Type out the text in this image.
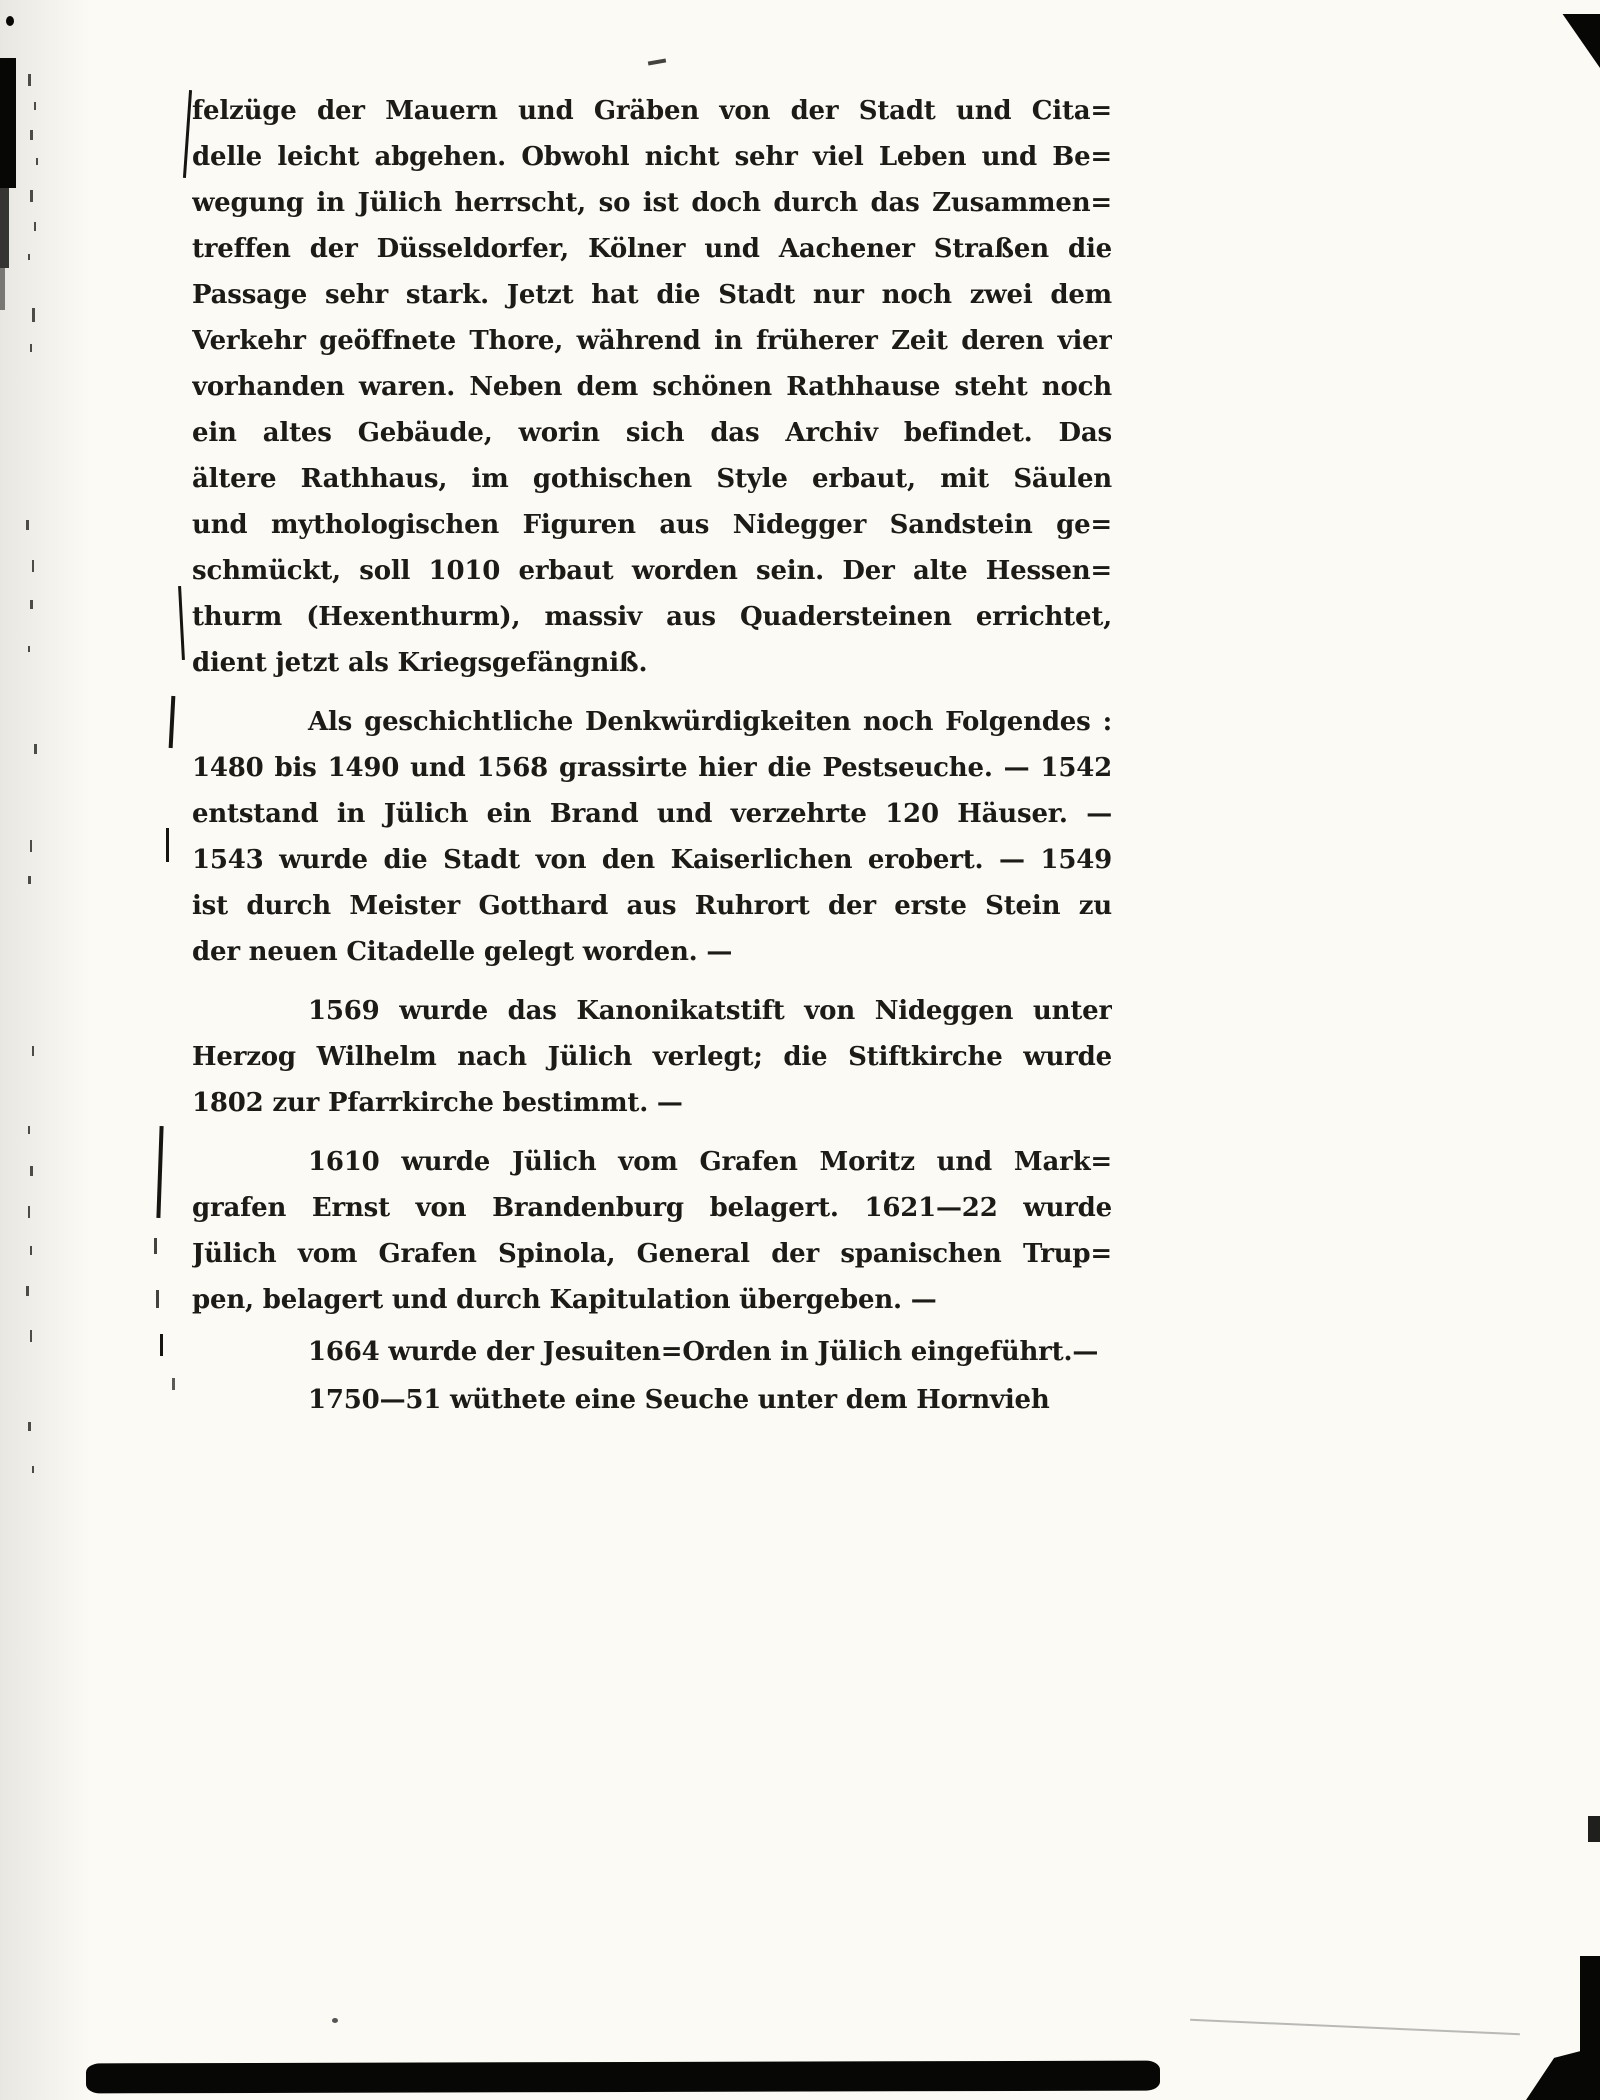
felzüge der Mauern und Gräben von der Stadt und Cita=
delle leicht abgehen. Obwohl nicht sehr viel Leben und Be=
wegung in Jülich herrscht, so ist doch durch das Zusammen=
treffen der Düsseldorfer, Kölner und Aachener Straßen die
Passage sehr stark. Jetzt hat die Stadt nur noch zwei dem
Verkehr geöffnete Thore, während in früherer Zeit deren vier
vorhanden waren. Neben dem schönen Rathhause steht noch
ein altes Gebäude, worin sich das Archiv befindet. Das
ältere Rathhaus, im gothischen Style erbaut, mit Säulen
und mythologischen Figuren aus Nidegger Sandstein ge=
schmückt, soll 1010 erbaut worden sein. Der alte Hessen=
thurm (Hexenthurm), massiv aus Quadersteinen errichtet,
dient jetzt als Kriegsgefängniß.
Als geschichtliche Denkwürdigkeiten noch Folgendes :
1480 bis 1490 und 1568 grassirte hier die Pestseuche. — 1542
entstand in Jülich ein Brand und verzehrte 120 Häuser. —
1543 wurde die Stadt von den Kaiserlichen erobert. — 1549
ist durch Meister Gotthard aus Ruhrort der erste Stein zu
der neuen Citadelle gelegt worden. —
1569 wurde das Kanonikatstift von Nideggen unter
Herzog Wilhelm nach Jülich verlegt; die Stiftkirche wurde
1802 zur Pfarrkirche bestimmt. —
1610 wurde Jülich vom Grafen Moritz und Mark=
grafen Ernst von Brandenburg belagert. 1621—22 wurde
Jülich vom Grafen Spinola, General der spanischen Trup=
pen, belagert und durch Kapitulation übergeben. —
1664 wurde der Jesuiten=Orden in Jülich eingeführt.—
1750—51 wüthete eine Seuche unter dem Hornvieh
